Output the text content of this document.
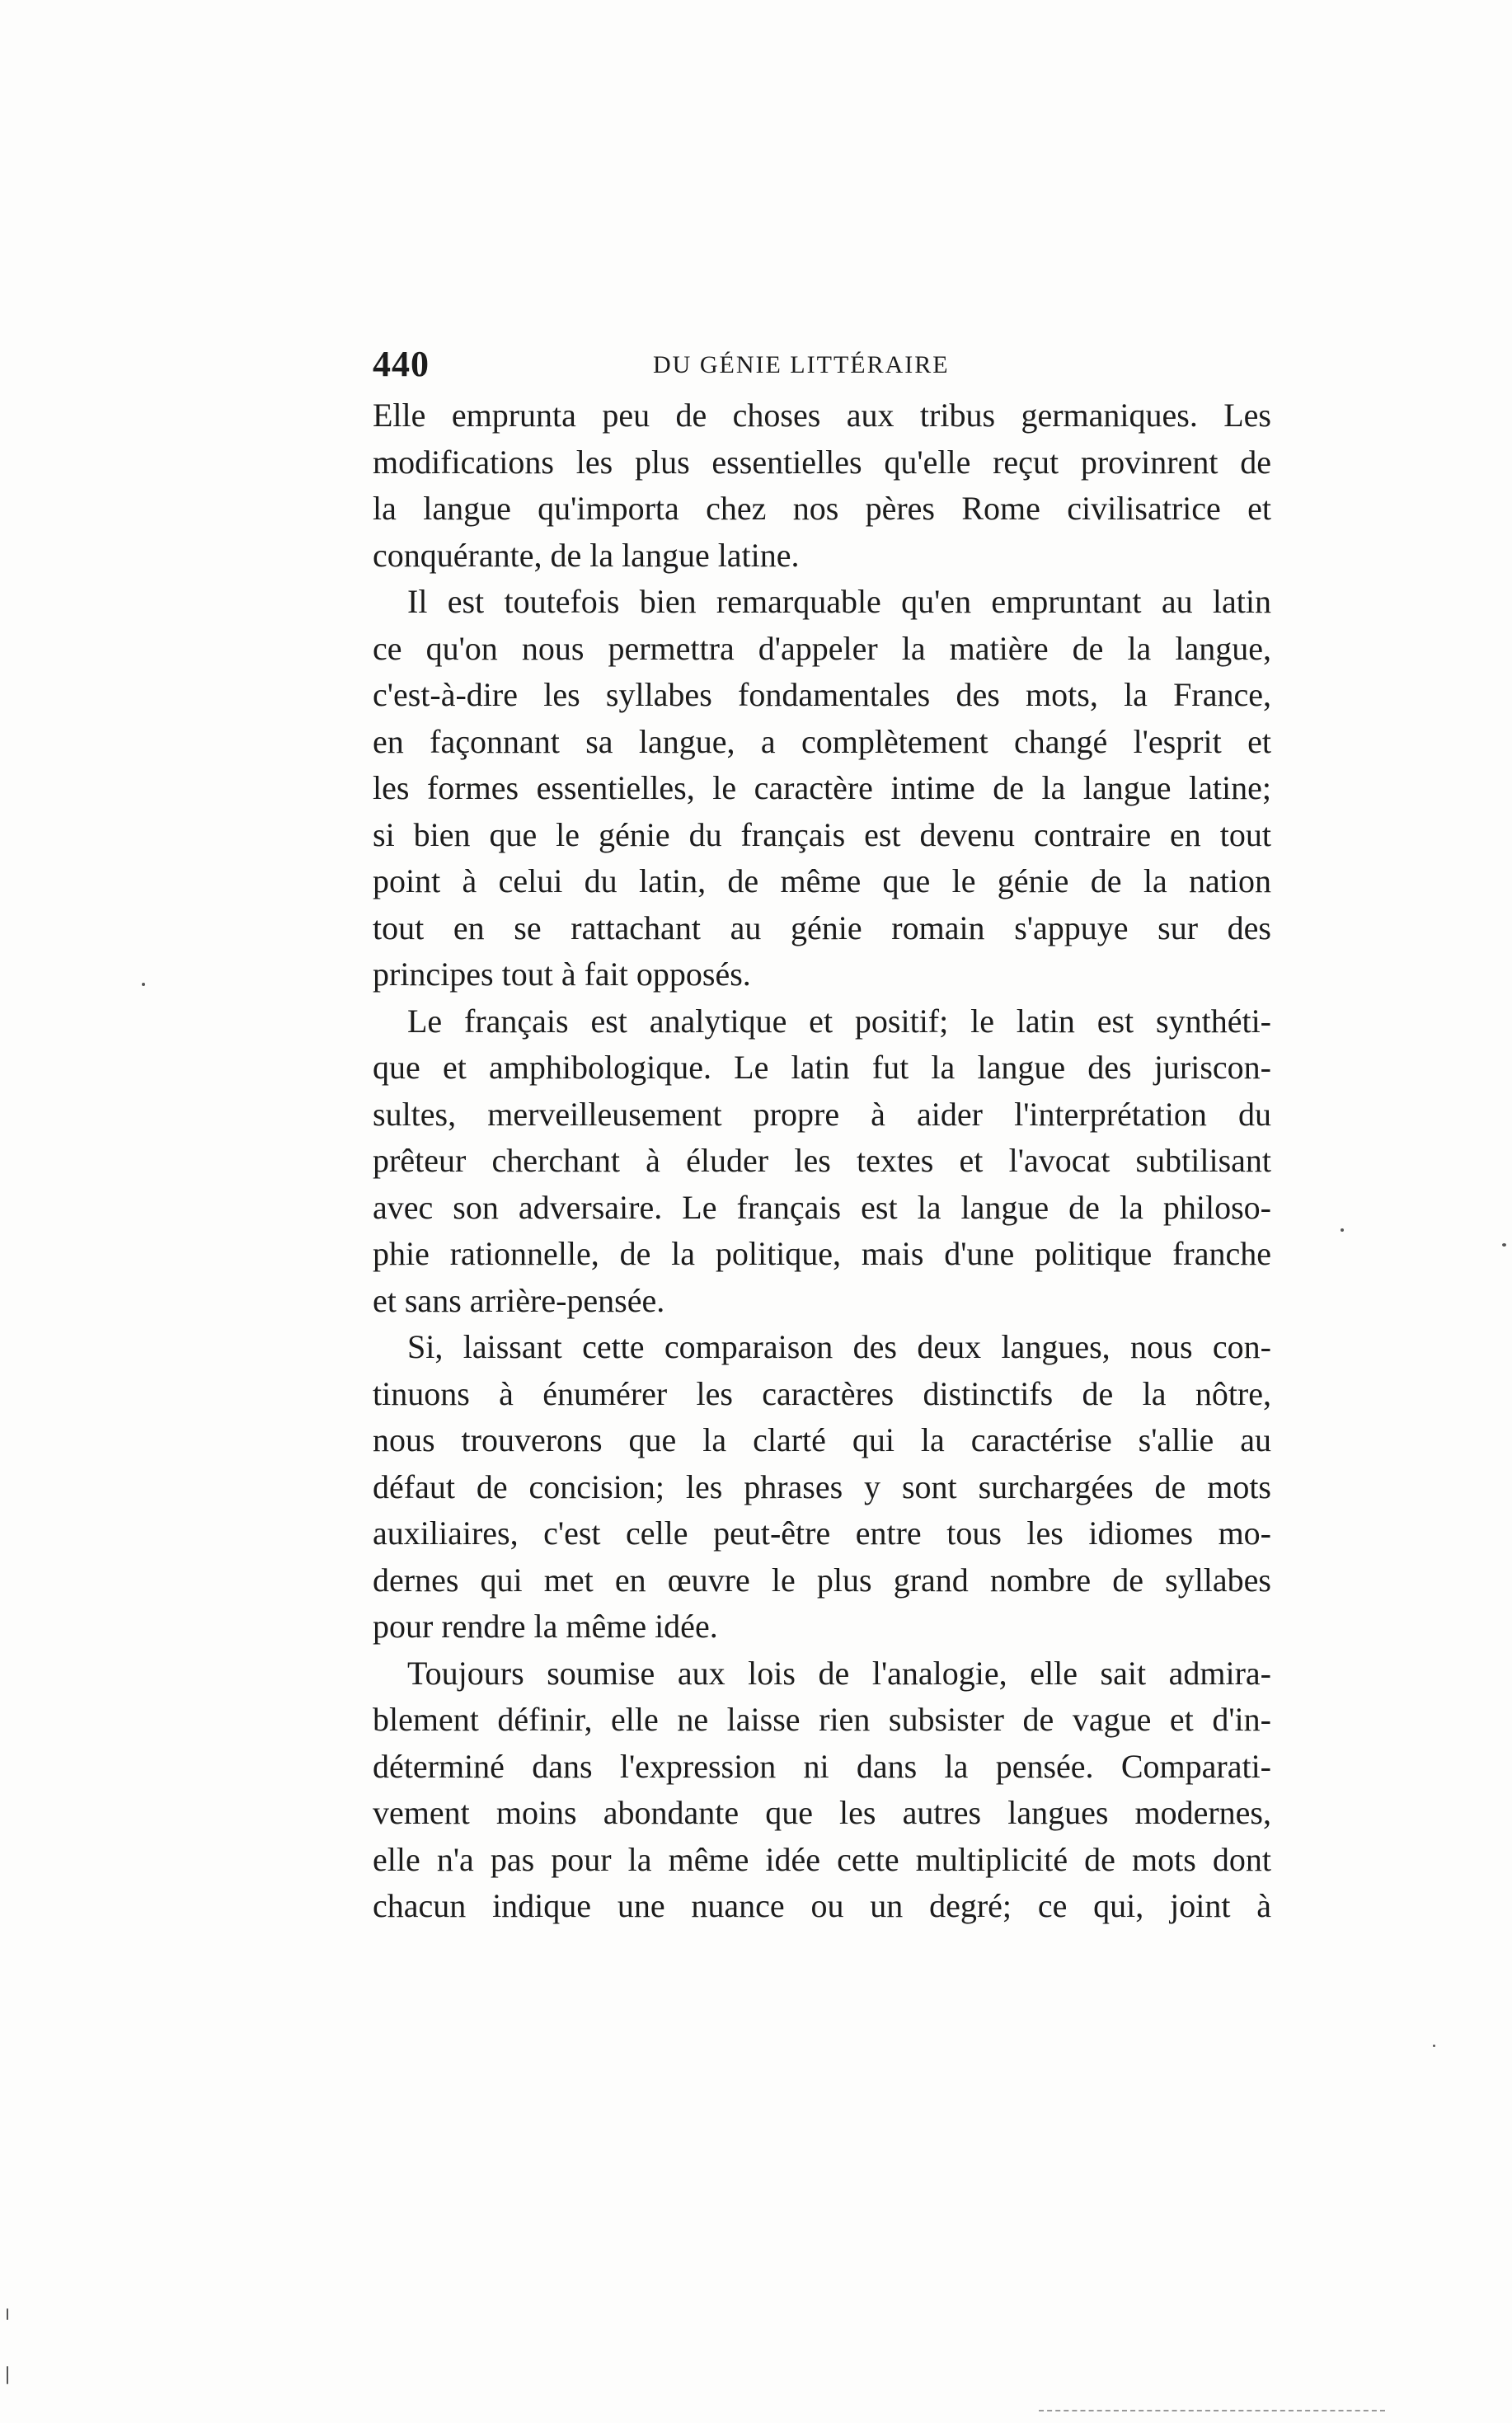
440	DU GÉNIE LITTÉRAIRE
Elle emprunta peu de choses aux tribus germaniques. Les
modifications les plus essentielles qu'elle reçut provinrent de
la langue qu'importa chez nos pères Rome civilisatrice et
conquérante, de la langue latine.
Il est toutefois bien remarquable qu'en empruntant au latin
ce qu'on nous permettra d'appeler la matière de la langue,
c'est-à-dire les syllabes fondamentales des mots, la France,
en façonnant sa langue, a complètement changé l'esprit et
les formes essentielles, le caractère intime de la langue latine;
si bien que le génie du français est devenu contraire en tout
point à celui du latin, de même que le génie de la nation
tout en se rattachant au génie romain s'appuye sur des
principes tout à fait opposés.
Le français est analytique et positif; le latin est synthéti-
que et amphibologique. Le latin fut la langue des juriscon-
sultes, merveilleusement propre à aider l'interprétation du
prêteur cherchant à éluder les textes et l'avocat subtilisant
avec son adversaire. Le français est la langue de la philoso-
phie rationnelle, de la politique, mais d'une politique franche
et sans arrière-pensée.
Si, laissant cette comparaison des deux langues, nous con-
tinuons à énumérer les caractères distinctifs de la nôtre,
nous trouverons que la clarté qui la caractérise s'allie au
défaut de concision; les phrases y sont surchargées de mots
auxiliaires, c'est celle peut-être entre tous les idiomes mo-
dernes qui met en œuvre le plus grand nombre de syllabes
pour rendre la même idée.
Toujours soumise aux lois de l'analogie, elle sait admira-
blement définir, elle ne laisse rien subsister de vague et d'in-
déterminé dans l'expression ni dans la pensée. Comparati-
vement moins abondante que les autres langues modernes,
elle n'a pas pour la même idée cette multiplicité de mots dont
chacun indique une nuance ou un degré; ce qui, joint à
